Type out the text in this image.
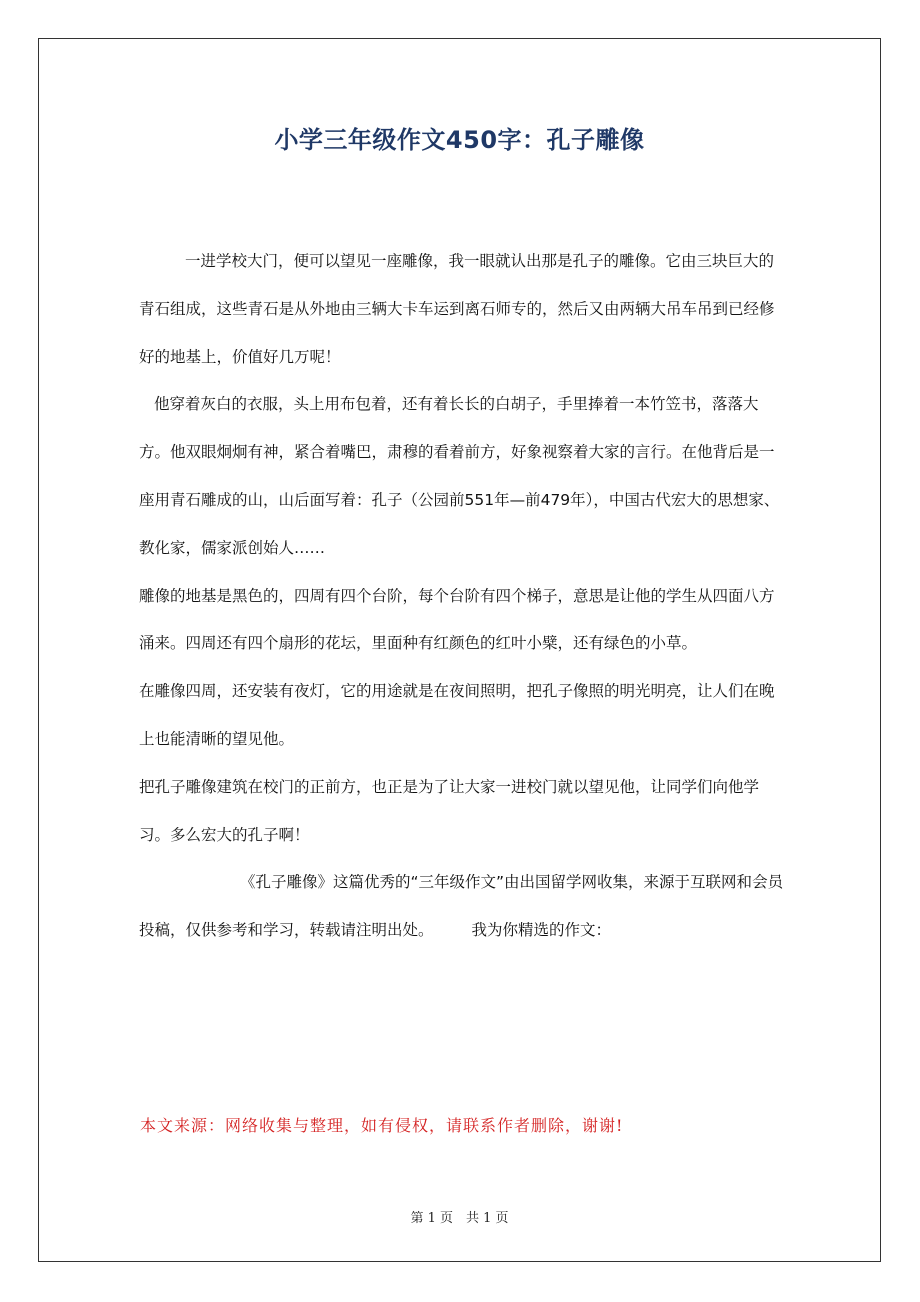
小学三年级作文450字：孔子雕像

一进学校大门，便可以望见一座雕像，我一眼就认出那是孔子的雕像。它由三块巨大的青石组成，这些青石是从外地由三辆大卡车运到离石师专的，然后又由两辆大吊车吊到已经修好的地基上，价值好几万呢！

他穿着灰白的衣服，头上用布包着，还有着长长的白胡子，手里捧着一本竹笠书，落落大方。他双眼炯炯有神，紧合着嘴巴，肃穆的看着前方，好象视察着大家的言行。在他背后是一座用青石雕成的山，山后面写着：孔子（公园前551年—前479年），中国古代宏大的思想家、教化家，儒家派创始人……

雕像的地基是黑色的，四周有四个台阶，每个台阶有四个梯子，意思是让他的学生从四面八方涌来。四周还有四个扇形的花坛，里面种有红颜色的红叶小檗，还有绿色的小草。

在雕像四周，还安装有夜灯，它的用途就是在夜间照明，把孔子像照的明光明亮，让人们在晚上也能清晰的望见他。

把孔子雕像建筑在校门的正前方，也正是为了让大家一进校门就以望见他，让同学们向他学习。多么宏大的孔子啊！

《孔子雕像》这篇优秀的“三年级作文”由出国留学网收集，来源于互联网和会员投稿，仅供参考和学习，转载请注明出处。 我为你精选的作文：

本文来源：网络收集与整理，如有侵权，请联系作者删除，谢谢!
第 1 页　共 1 页
